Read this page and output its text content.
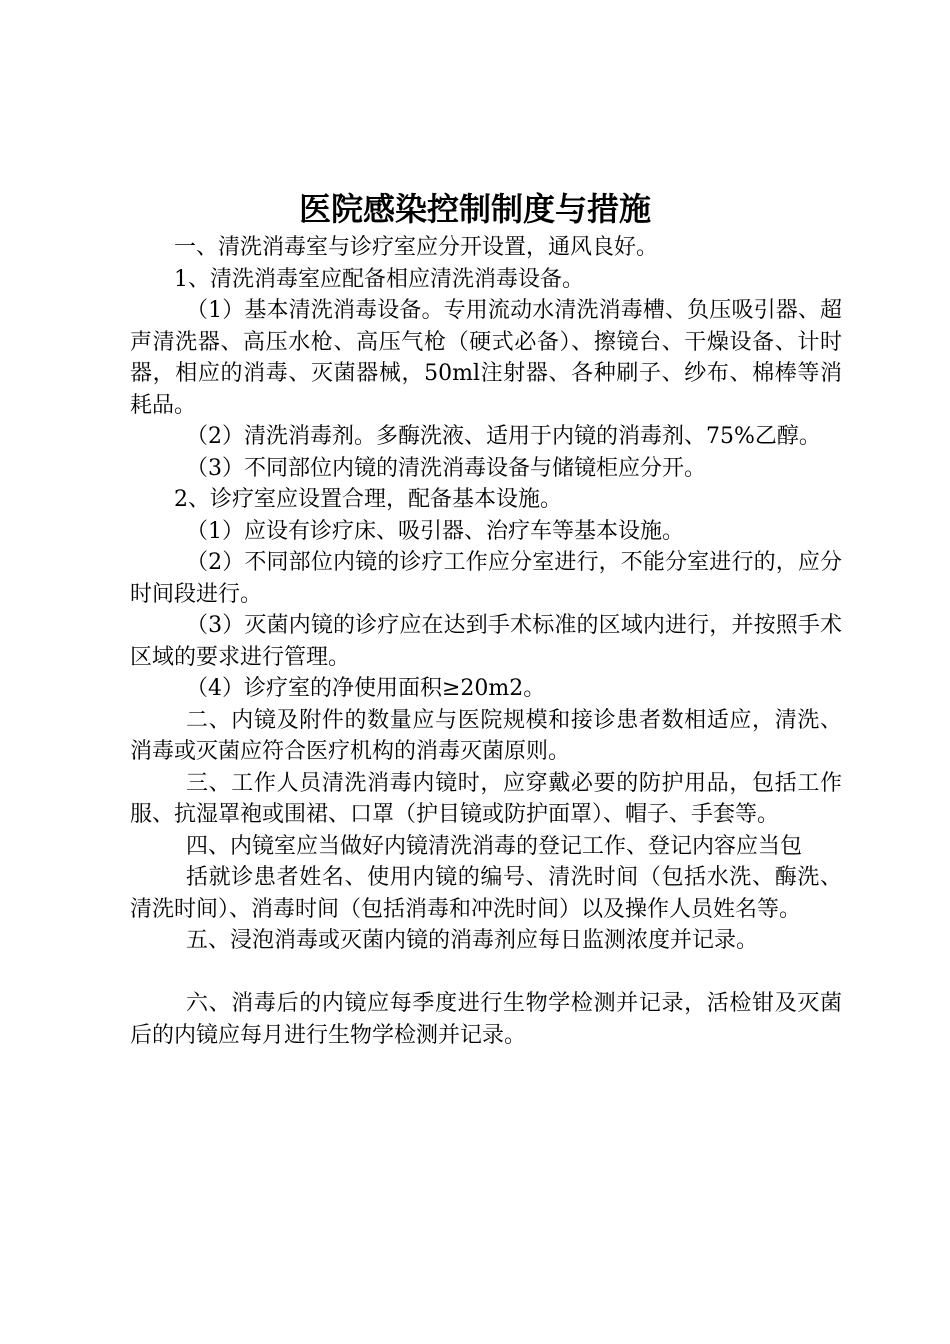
医院感染控制制度与措施

一、清洗消毒室与诊疗室应分开设置，通风良好。

1、清洗消毒室应配备相应清洗消毒设备。

（1）基本清洗消毒设备。专用流动水清洗消毒槽、负压吸引器、超声清洗器、高压水枪、高压气枪（硬式必备）、擦镜台、干燥设备、计时器，相应的消毒、灭菌器械，50ml注射器、各种刷子、纱布、棉棒等消耗品。

（2）清洗消毒剂。多酶洗液、适用于内镜的消毒剂、75%乙醇。

（3）不同部位内镜的清洗消毒设备与储镜柜应分开。

2、诊疗室应设置合理，配备基本设施。

（1）应设有诊疗床、吸引器、治疗车等基本设施。

（2）不同部位内镜的诊疗工作应分室进行，不能分室进行的，应分时间段进行。

（3）灭菌内镜的诊疗应在达到手术标准的区域内进行，并按照手术区域的要求进行管理。

（4）诊疗室的净使用面积≥20m2。

二、内镜及附件的数量应与医院规模和接诊患者数相适应，清洗、消毒或灭菌应符合医疗机构的消毒灭菌原则。

三、工作人员清洗消毒内镜时，应穿戴必要的防护用品，包括工作服、抗湿罩袍或围裙、口罩（护目镜或防护面罩）、帽子、手套等。

四、内镜室应当做好内镜清洗消毒的登记工作、登记内容应当包

括就诊患者姓名、使用内镜的编号、清洗时间（包括水洗、酶洗、清洗时间）、消毒时间（包括消毒和冲洗时间）以及操作人员姓名等。

五、浸泡消毒或灭菌内镜的消毒剂应每日监测浓度并记录。

六、消毒后的内镜应每季度进行生物学检测并记录，活检钳及灭菌后的内镜应每月进行生物学检测并记录。
